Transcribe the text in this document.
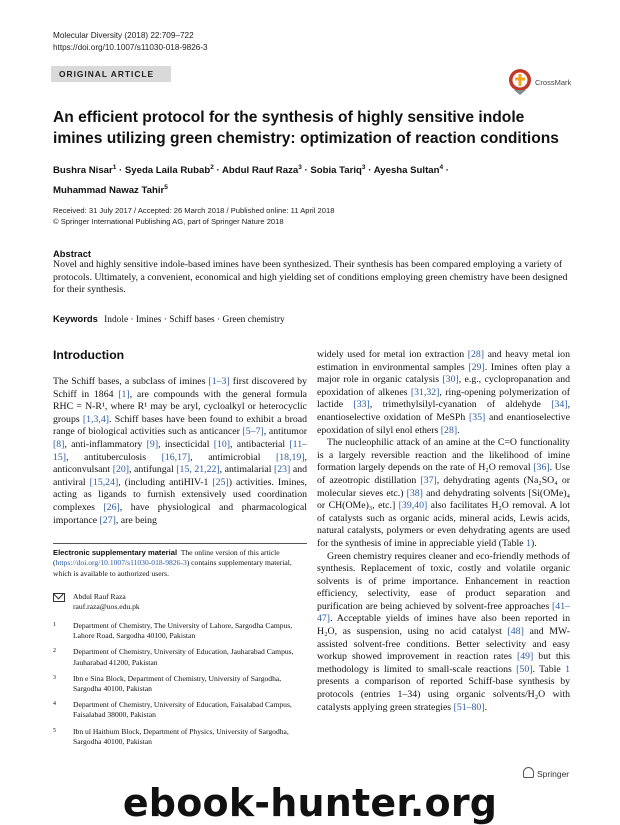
Molecular Diversity (2018) 22:709–722
https://doi.org/10.1007/s11030-018-9826-3
ORIGINAL ARTICLE
CrossMark
An efficient protocol for the synthesis of highly sensitive indole imines utilizing green chemistry: optimization of reaction conditions
Bushra Nisar$^1$ · Syeda Laila Rubab$^2$ · Abdul Rauf Raza$^3$ · Sobia Tariq$^3$ · Ayesha Sultan$^4$ ·
Muhammad Nawaz Tahir$^5$
Received: 31 July 2017 / Accepted: 26 March 2018 / Published online: 11 April 2018
© Springer International Publishing AG, part of Springer Nature 2018
Abstract
Novel and highly sensitive indole-based imines have been synthesized. Their synthesis has been compared employing a variety of protocols. Ultimately, a convenient, economical and high yielding set of conditions employing green chemistry have been designed for their synthesis.
Keywords Indole · Imines · Schiff bases · Green chemistry
Introduction

The Schiff bases, a subclass of imines [1–3] first discovered by Schiff in 1864 [1], are compounds with the general formula RHC = N-R¹, where R¹ may be aryl, cycloalkyl or heterocyclic groups [1,3,4]. Schiff bases have been found to exhibit a broad range of biological activities such as anticancer [5–7], antitumor [8], anti-inflammatory [9], insecticidal [10], antibacterial [11–15], antituberculosis [16,17], antimicrobial [18,19], anticonvulsant [20], antifungal [15, 21,22], antimalarial [23] and antiviral [15,24], (including antiHIV-1 [25]) activities. Imines, acting as ligands to furnish extensively used coordination complexes [26], have physiological and pharmacological importance [27], are being

widely used for metal ion extraction [28] and heavy metal ion estimation in environmental samples [29]. Imines often play a major role in organic catalysis [30], e.g., cyclopropanation and epoxidation of alkenes [31,32], ring-opening polymerization of lactide [33], trimethylsilyl-cyanation of aldehyde [34], enantioselective oxidation of MeSPh [35] and enantioselective epoxidation of silyl enol ethers [28].

The nucleophilic attack of an amine at the C=O functionality is a largely reversible reaction and the likelihood of imine formation largely depends on the rate of H₂O removal [36]. Use of azeotropic distillation [37], dehydrating agents (Na₂SO₄ or molecular sieves etc.) [38] and dehydrating solvents [Si(OMe)₄ or CH(OMe)₃, etc.] [39,40] also facilitates H₂O removal. A lot of catalysts such as organic acids, mineral acids, Lewis acids, natural catalysts, polymers or even dehydrating agents are used for the synthesis of imine in appreciable yield (Table 1).

Green chemistry requires cleaner and eco-friendly methods of synthesis. Replacement of toxic, costly and volatile organic solvents is of prime importance. Enhancement in reaction efficiency, selectivity, ease of product separation and purification are being achieved by solvent-free approaches [41–47]. Acceptable yields of imines have also been reported in H₂O, as suspension, using no acid catalyst [48] and MW-assisted solvent-free conditions. Better selectivity and easy workup showed improvement in reaction rates [49] but this methodology is limited to small-scale reactions [50]. Table 1 presents a comparison of reported Schiff-base synthesis by protocols (entries 1–34) using organic solvents/H₂O with catalysts applying green strategies [51–80].

Electronic supplementary material The online version of this article (https://doi.org/10.1007/s11030-018-9826-3) contains supplementary material, which is available to authorized users.
Abdul Rauf Raza
rauf.raza@uos.edu.pk
1 Department of Chemistry, The University of Lahore, Sargodha Campus, Lahore Road, Sargodha 40100, Pakistan
2 Department of Chemistry, University of Education, Jauharabad Campus, Jauharabad 41200, Pakistan
3 Ibn e Sina Block, Department of Chemistry, University of Sargodha, Sargodha 40100, Pakistan
4 Department of Chemistry, University of Education, Faisalabad Campus, Faisalabad 38000, Pakistan
5 Ibn ul Haithum Block, Department of Physics, University of Sargodha, Sargodha 40100, Pakistan
Springer
ebook-hunter.org
